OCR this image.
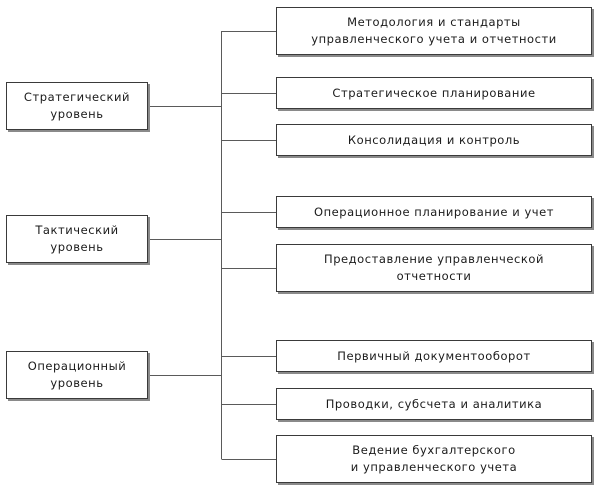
Стратегический
уровень
Тактический
уровень
Операционный
уровень
Методология и стандарты
управленческого учета и отчетности
Стратегическое планирование
Консолидация и контроль
Операционное планирование и учет
Предоставление управленческой
отчетности
Первичный документооборот
Проводки, субсчета и аналитика
Ведение бухгалтерского
и управленческого учета
